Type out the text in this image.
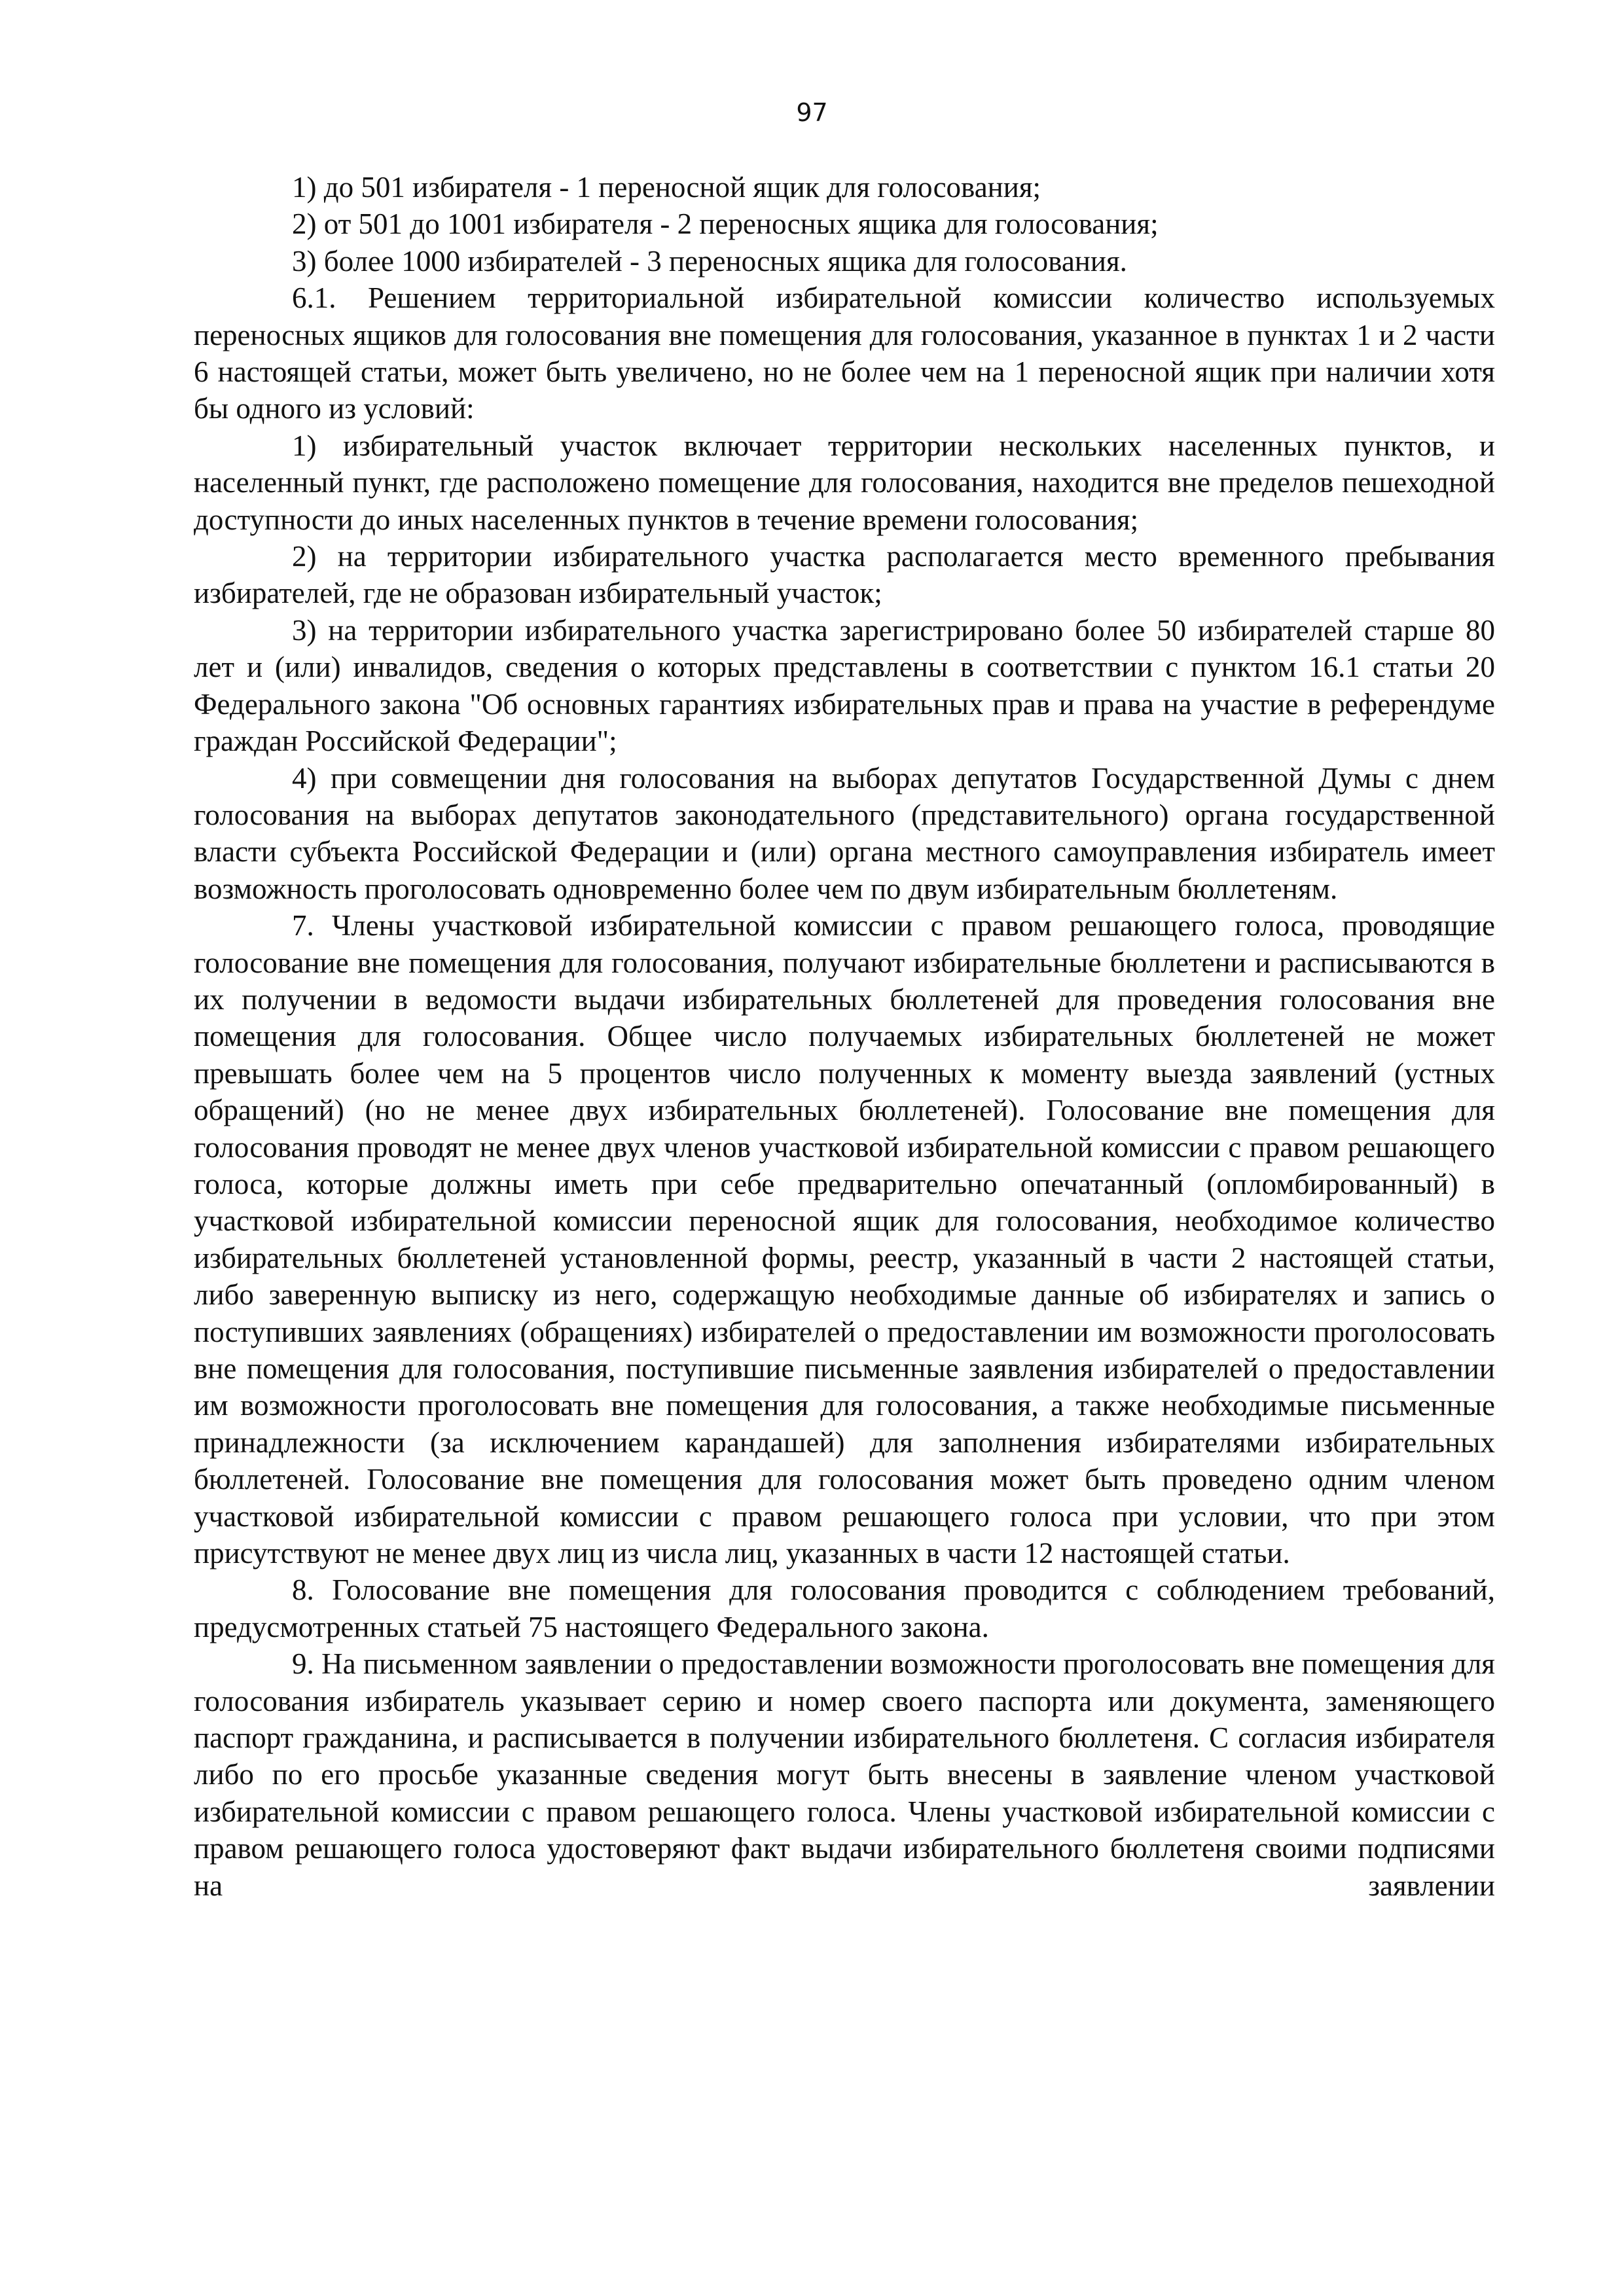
97

1) до 501 избирателя - 1 переносной ящик для голосования;

2) от 501 до 1001 избирателя - 2 переносных ящика для голосования;

3) более 1000 избирателей - 3 переносных ящика для голосования.

6.1. Решением территориальной избирательной комиссии количество используемых переносных ящиков для голосования вне помещения для голосования, указанное в пунктах 1 и 2 части 6 настоящей статьи, может быть увеличено, но не более чем на 1 переносной ящик при наличии хотя бы одного из условий:

1) избирательный участок включает территории нескольких населенных пунктов, и населенный пункт, где расположено помещение для голосования, находится вне пределов пешеходной доступности до иных населенных пунктов в течение времени голосования;

2) на территории избирательного участка располагается место временного пребывания избирателей, где не образован избирательный участок;

3) на территории избирательного участка зарегистрировано более 50 избирателей старше 80 лет и (или) инвалидов, сведения о которых представлены в соответствии с пунктом 16.1 статьи 20 Федерального закона "Об основных гарантиях избирательных прав и права на участие в референдуме граждан Российской Федерации";

4) при совмещении дня голосования на выборах депутатов Государственной Думы с днем голосования на выборах депутатов законодательного (представительного) органа государственной власти субъекта Российской Федерации и (или) органа местного самоуправления избиратель имеет возможность проголосовать одновременно более чем по двум избирательным бюллетеням.

7. Члены участковой избирательной комиссии с правом решающего голоса, проводящие голосование вне помещения для голосования, получают избирательные бюллетени и расписываются в их получении в ведомости выдачи избирательных бюллетеней для проведения голосования вне помещения для голосования. Общее число получаемых избирательных бюллетеней не может превышать более чем на 5 процентов число полученных к моменту выезда заявлений (устных обращений) (но не менее двух избирательных бюллетеней). Голосование вне помещения для голосования проводят не менее двух членов участковой избирательной комиссии с правом решающего голоса, которые должны иметь при себе предварительно опечатанный (опломбированный) в участковой избирательной комиссии переносной ящик для голосования, необходимое количество избирательных бюллетеней установленной формы, реестр, указанный в части 2 настоящей статьи, либо заверенную выписку из него, содержащую необходимые данные об избирателях и запись о поступивших заявлениях (обращениях) избирателей о предоставлении им возможности проголосовать вне помещения для голосования, поступившие письменные заявления избирателей о предоставлении им возможности проголосовать вне помещения для голосования, а также необходимые письменные принадлежности (за исключением карандашей) для заполнения избирателями избирательных бюллетеней. Голосование вне помещения для голосования может быть проведено одним членом участковой избирательной комиссии с правом решающего голоса при условии, что при этом присутствуют не менее двух лиц из числа лиц, указанных в части 12 настоящей статьи.

8. Голосование вне помещения для голосования проводится с соблюдением требований, предусмотренных статьей 75 настоящего Федерального закона.

9. На письменном заявлении о предоставлении возможности проголосовать вне помещения для голосования избиратель указывает серию и номер своего паспорта или документа, заменяющего паспорт гражданина, и расписывается в получении избирательного бюллетеня. С согласия избирателя либо по его просьбе указанные сведения могут быть внесены в заявление членом участковой избирательной комиссии с правом решающего голоса. Члены участковой избирательной комиссии с правом решающего голоса удостоверяют факт выдачи избирательного бюллетеня своими подписями на заявлении
